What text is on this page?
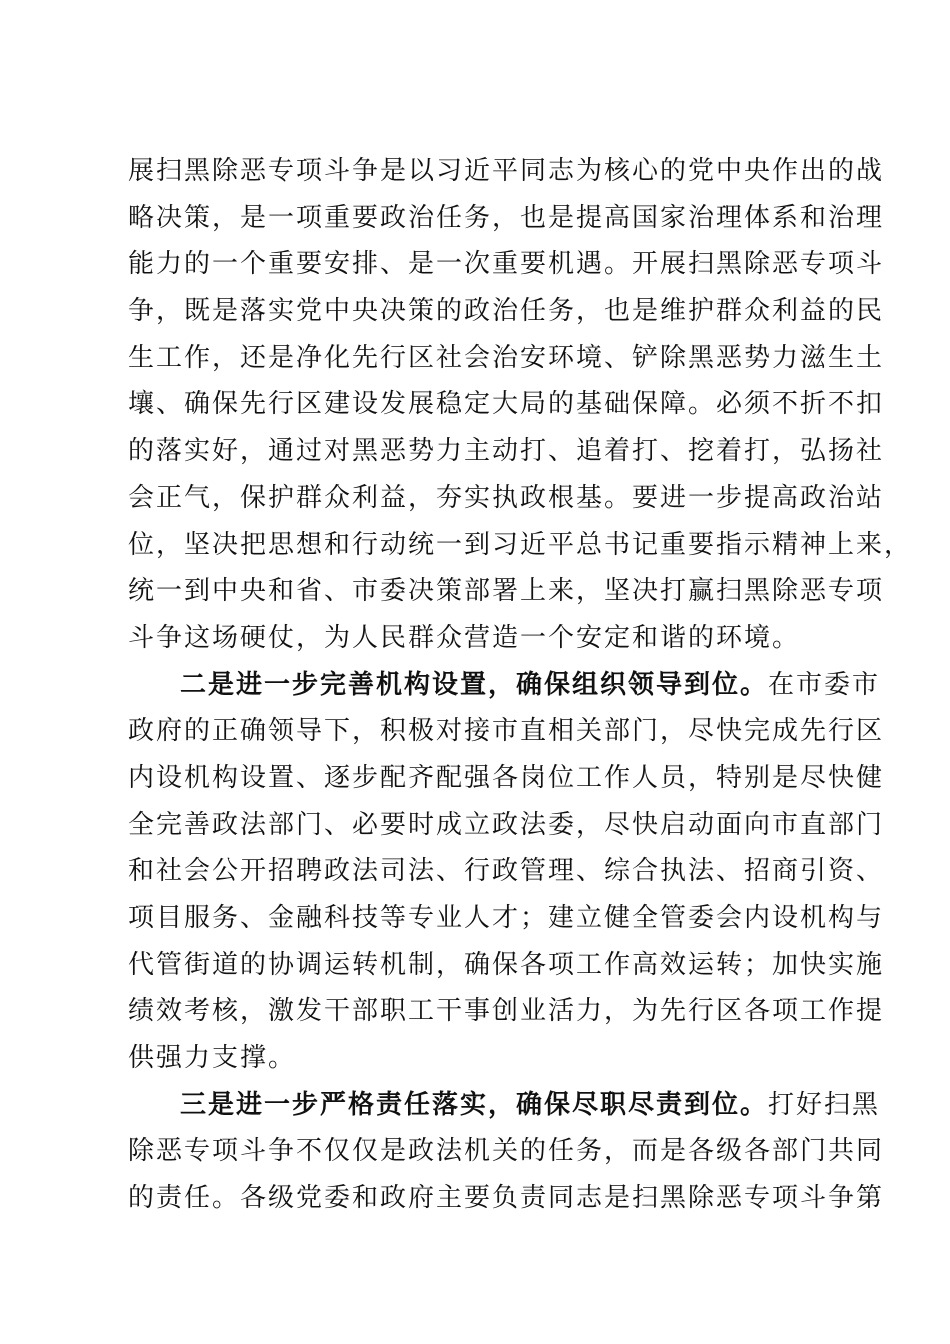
展扫黑除恶专项斗争是以习近平同志为核心的党中央作出的战
略决策，是一项重要政治任务，也是提高国家治理体系和治理
能力的一个重要安排、是一次重要机遇。开展扫黑除恶专项斗
争，既是落实党中央决策的政治任务，也是维护群众利益的民
生工作，还是净化先行区社会治安环境、铲除黑恶势力滋生土
壤、确保先行区建设发展稳定大局的基础保障。必须不折不扣
的落实好，通过对黑恶势力主动打、追着打、挖着打，弘扬社
会正气，保护群众利益，夯实执政根基。要进一步提高政治站
位，坚决把思想和行动统一到习近平总书记重要指示精神上来，
统一到中央和省、市委决策部署上来，坚决打赢扫黑除恶专项
斗争这场硬仗，为人民群众营造一个安定和谐的环境。
二是进一步完善机构设置，确保组织领导到位。在市委市
政府的正确领导下，积极对接市直相关部门，尽快完成先行区
内设机构设置、逐步配齐配强各岗位工作人员，特别是尽快健
全完善政法部门、必要时成立政法委，尽快启动面向市直部门
和社会公开招聘政法司法、行政管理、综合执法、招商引资、
项目服务、金融科技等专业人才；建立健全管委会内设机构与
代管街道的协调运转机制，确保各项工作高效运转；加快实施
绩效考核，激发干部职工干事创业活力，为先行区各项工作提
供强力支撑。
三是进一步严格责任落实，确保尽职尽责到位。打好扫黑
除恶专项斗争不仅仅是政法机关的任务，而是各级各部门共同
的责任。各级党委和政府主要负责同志是扫黑除恶专项斗争第
